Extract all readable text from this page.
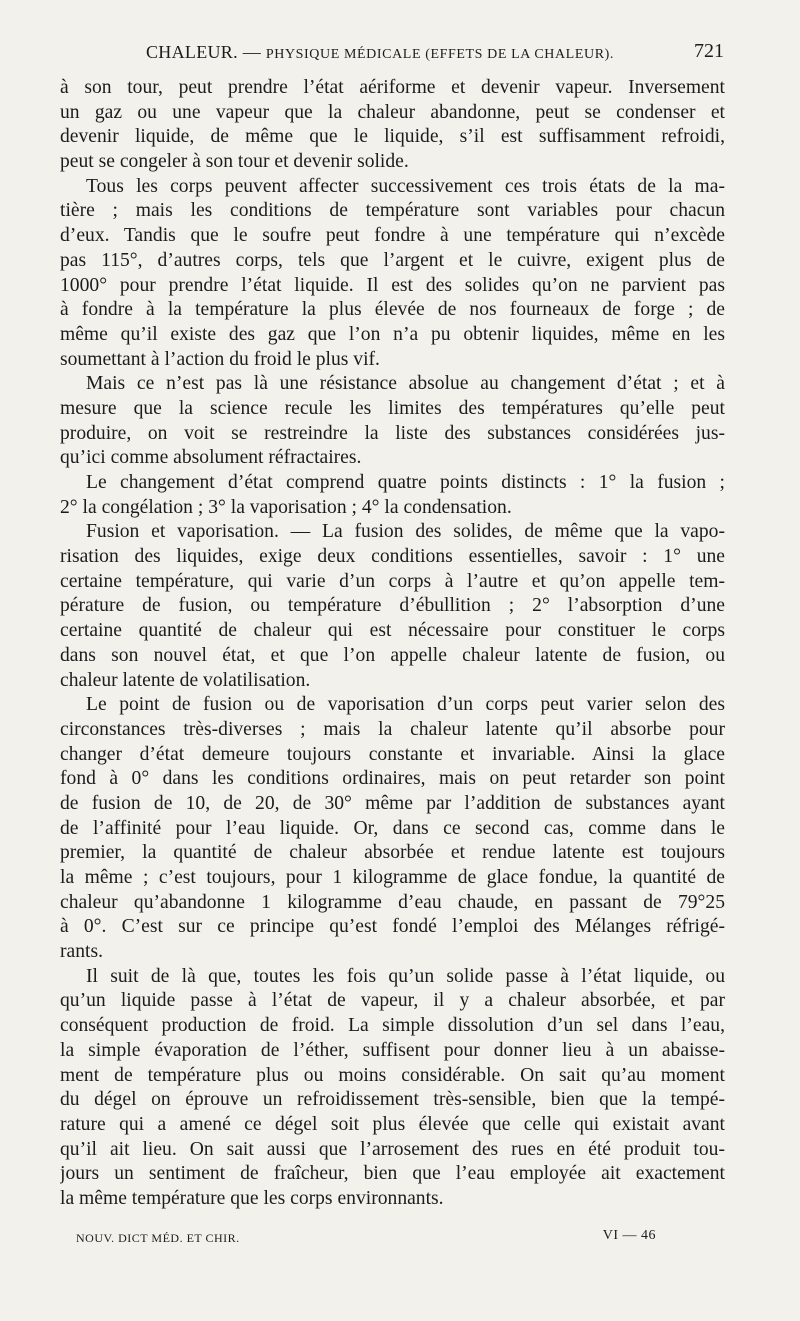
CHALEUR. — PHYSIQUE MÉDICALE (EFFETS DE LA CHALEUR).	721
à son tour, peut prendre l’état aériforme et devenir vapeur. Inversement
un gaz ou une vapeur que la chaleur abandonne, peut se condenser et
devenir liquide, de même que le liquide, s’il est suffisamment refroidi,
peut se congeler à son tour et devenir solide.
Tous les corps peuvent affecter successivement ces trois états de la ma-
tière ; mais les conditions de température sont variables pour chacun
d’eux. Tandis que le soufre peut fondre à une température qui n’excède
pas 115°, d’autres corps, tels que l’argent et le cuivre, exigent plus de
1000° pour prendre l’état liquide. Il est des solides qu’on ne parvient pas
à fondre à la température la plus élevée de nos fourneaux de forge ; de
même qu’il existe des gaz que l’on n’a pu obtenir liquides, même en les
soumettant à l’action du froid le plus vif.
Mais ce n’est pas là une résistance absolue au changement d’état ; et à
mesure que la science recule les limites des températures qu’elle peut
produire, on voit se restreindre la liste des substances considérées jus-
qu’ici comme absolument réfractaires.
Le changement d’état comprend quatre points distincts : 1° la fusion ;
2° la congélation ; 3° la vaporisation ; 4° la condensation.
Fusion et vaporisation. — La fusion des solides, de même que la vapo-
risation des liquides, exige deux conditions essentielles, savoir : 1° une
certaine température, qui varie d’un corps à l’autre et qu’on appelle tem-
pérature de fusion, ou température d’ébullition ; 2° l’absorption d’une
certaine quantité de chaleur qui est nécessaire pour constituer le corps
dans son nouvel état, et que l’on appelle chaleur latente de fusion, ou
chaleur latente de volatilisation.
Le point de fusion ou de vaporisation d’un corps peut varier selon des
circonstances très-diverses ; mais la chaleur latente qu’il absorbe pour
changer d’état demeure toujours constante et invariable. Ainsi la glace
fond à 0° dans les conditions ordinaires, mais on peut retarder son point
de fusion de 10, de 20, de 30° même par l’addition de substances ayant
de l’affinité pour l’eau liquide. Or, dans ce second cas, comme dans le
premier, la quantité de chaleur absorbée et rendue latente est toujours
la même ; c’est toujours, pour 1 kilogramme de glace fondue, la quantité de
chaleur qu’abandonne 1 kilogramme d’eau chaude, en passant de 79°25
à 0°. C’est sur ce principe qu’est fondé l’emploi des Mélanges réfrigé-
rants.
Il suit de là que, toutes les fois qu’un solide passe à l’état liquide, ou
qu’un liquide passe à l’état de vapeur, il y a chaleur absorbée, et par
conséquent production de froid. La simple dissolution d’un sel dans l’eau,
la simple évaporation de l’éther, suffisent pour donner lieu à un abaisse-
ment de température plus ou moins considérable. On sait qu’au moment
du dégel on éprouve un refroidissement très-sensible, bien que la tempé-
rature qui a amené ce dégel soit plus élevée que celle qui existait avant
qu’il ait lieu. On sait aussi que l’arrosement des rues en été produit tou-
jours un sentiment de fraîcheur, bien que l’eau employée ait exactement
la même température que les corps environnants.
NOUV. DICT MÉD. ET CHIR.	VI — 46
